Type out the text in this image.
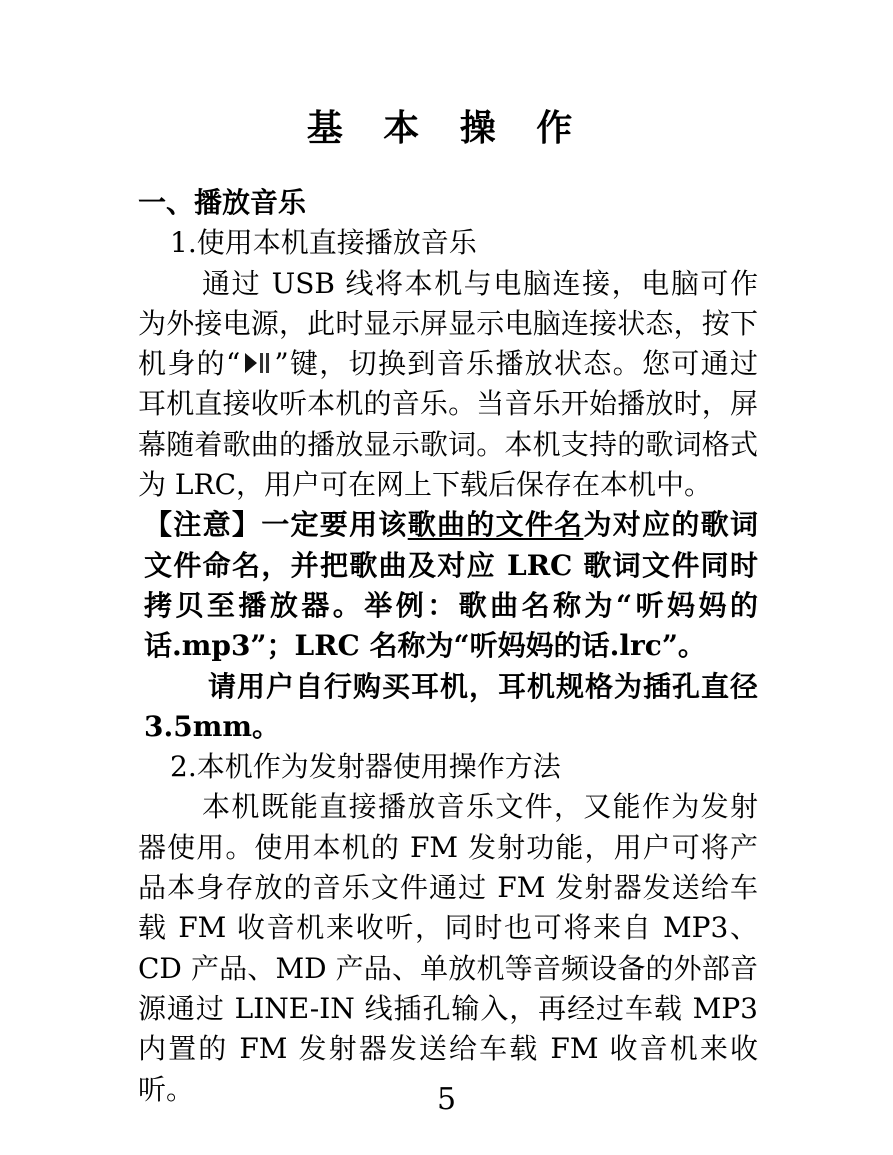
基 本 操 作

一、播放音乐

1.使用本机直接播放音乐

通过 USB 线将本机与电脑连接，电脑可作为外接电源，此时显示屏显示电脑连接状态，按下机身的“ ”键，切换到音乐播放状态。您可通过耳机直接收听本机的音乐。当音乐开始播放时，屏幕随着歌曲的播放显示歌词。本机支持的歌词格式为 LRC，用户可在网上下载后保存在本机中。

【注意】一定要用该歌曲的文件名为对应的歌词文件命名，并把歌曲及对应 LRC 歌词文件同时拷贝至播放器。举例：歌曲名称为“听妈妈的话.mp3”；LRC 名称为“听妈妈的话.lrc”。

请用户自行购买耳机，耳机规格为插孔直径 3.5mm。

2.本机作为发射器使用操作方法

本机既能直接播放音乐文件，又能作为发射器使用。使用本机的 FM 发射功能，用户可将产品本身存放的音乐文件通过 FM 发射器发送给车载 FM 收音机来收听，同时也可将来自 MP3、CD 产品、MD 产品、单放机等音频设备的外部音源通过 LINE-IN 线插孔输入，再经过车载 MP3 内置的 FM 发射器发送给车载 FM 收音机来收听。	5
